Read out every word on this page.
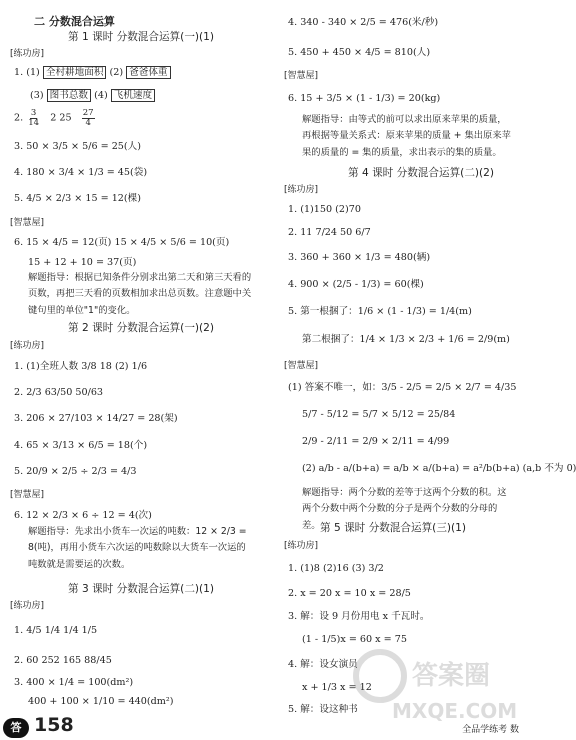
二 分数混合运算
第 1 课时 分数混合运算(一)(1)
[练功房]
1. (1) 全村耕地面积 (2) 爸爸体重
(3) 图书总数 (4) 飞机速度
2. $\frac{3}{14} 2$ $25 \frac{27}{4}$
3. 50 × 3/5 × 5/6 = 25(人)
4. 180 × 3/4 × 1/3 = 45(袋)
5. 4/5 × 2/3 × 15 = 12(棵)
[智慧屋]
6. 15 × 4/5 = 12(页) 15 × 4/5 × 5/6 = 10(页)
15 + 12 + 10 = 37(页)
解题指导：根据已知条件分别求出第二天和第三天看的页数，再把三天看的页数相加求出总页数。注意题中关键句里的单位"1"的变化。
第 2 课时 分数混合运算(一)(2)
[练功房]
1. (1)全班人数 3/8 18 (2) 1/6
2. 2/3 63/50 50/63
3. 206 × 27/103 × 14/27 = 28(架)
4. 65 × 3/13 × 6/5 = 18(个)
5. 20/9 × 2/5 ÷ 2/3 = 4/3
[智慧屋]
6. 12 × 2/3 × 6 ÷ 12 = 4(次)
解题指导：先求出小货车一次运的吨数：12 × 2/3 = 8(吨)，再用小货车六次运的吨数除以大货车一次运的吨数就是需要运的次数。
第 3 课时 分数混合运算(二)(1)
[练功房]
1. 4/5 1/4 1/4 1/5
2. 60 252 165 88/45
3. 400 × 1/4 = 100(dm²)
400 + 100 × 1/10 = 440(dm²)
4. 340 - 340 × 2/5 = 476(米/秒)
5. 450 + 450 × 4/5 = 810(人)
[智慧屋]
6. 15 + 3/5 × (1 - 1/3) = 20(kg)
解题指导：由等式的前可以求出原来苹果的质量，再根据等量关系式：原来苹果的质量 + 集出原来苹果的质量的 = 集的质量，求出表示的集的质量。
第 4 课时 分数混合运算(二)(2)
[练功房]
1. (1)150 (2)70
2. 11 7/24 50 6/7
3. 360 + 360 × 1/3 = 480(辆)
4. 900 × (2/5 - 1/3) = 60(棵)
5. 第一根捆了：1/6 × (1 - 1/3) = 1/4(m)
第二根捆了：1/4 × 1/3 × 2/3 + 1/6 = 2/9(m)
[智慧屋]
(1) 答案不唯一，如：3/5 - 2/5 = 2/5 × 2/7 = 4/35
5/7 - 5/12 = 5/7 × 5/12 = 25/84
2/9 - 2/11 = 2/9 × 2/11 = 4/99
(2) a/b - a/(b+a) = a/b × a/(b+a) = a²/b(b+a) (a,b 不为 0)
解题指导：两个分数的差等于这两个分数的积。这两个分数中两个分数的分子是两个分数的分母的差。 第 5 课时 分数混合运算(三)(1)
[练功房]
1. (1)8 (2)16 (3) 3/2
2. x = 20 x = 10 x = 28/5
3. 解：设 9 月份用电 x 千瓦时。
(1 - 1/5)x = 60 x = 75
4. 解：设女演员
x + 1/3 x = 12
5. 解：设这种书
答案圈
MXQE.COM
答 158	全品学练考 数
